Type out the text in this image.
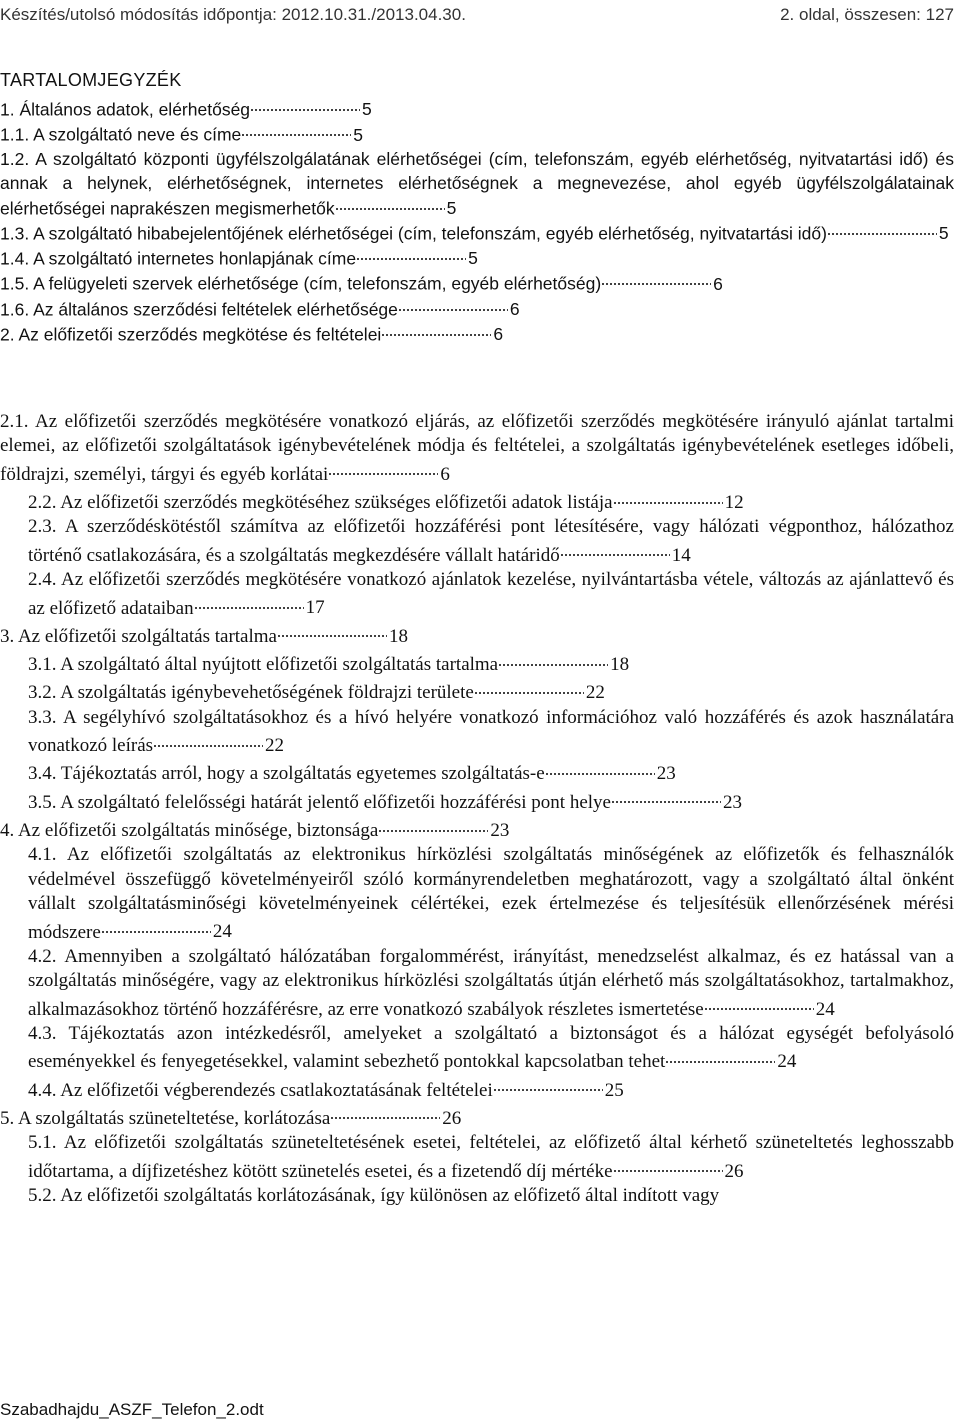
Készítés/utolsó módosítás időpontja: 2012.10.31./2013.04.30.	2. oldal, összesen: 127
TARTALOMJEGYZÉK
1. Általános adatok, elérhetőség	5
1.1. A szolgáltató neve és címe	5
1.2. A szolgáltató központi ügyfélszolgálatának elérhetőségei (cím, telefonszám, egyéb elérhetőség, nyitvatartási idő) és annak a helynek, elérhetőségnek, internetes elérhetőségnek a megnevezése, ahol egyéb ügyfélszolgálatainak elérhetőségei naprakészen megismerhetők	5
1.3. A szolgáltató hibabejelentőjének elérhetőségei (cím, telefonszám, egyéb elérhetőség, nyitvatartási idő)	5
1.4. A szolgáltató internetes honlapjának címe	5
1.5. A felügyeleti szervek elérhetősége (cím, telefonszám, egyéb elérhetőség)	6
1.6. Az általános szerződési feltételek elérhetősége	6
2. Az előfizetői szerződés megkötése és feltételei	6
2.1. Az előfizetői szerződés megkötésére vonatkozó eljárás, az előfizetői szerződés megkötésére irányuló ajánlat tartalmi elemei, az előfizetői szolgáltatások igénybevételének módja és feltételei, a szolgáltatás igénybevételének esetleges időbeli, földrajzi, személyi, tárgyi és egyéb korlátai	6
2.2. Az előfizetői szerződés megkötéséhez szükséges előfizetői adatok listája	12
2.3. A szerződéskötéstől számítva az előfizetői hozzáférési pont létesítésére, vagy hálózati végponthoz, hálózathoz történő csatlakozására, és a szolgáltatás megkezdésére vállalt határidő	14
2.4. Az előfizetői szerződés megkötésére vonatkozó ajánlatok kezelése, nyilvántartásba vétele, változás az ajánlattevő és az előfizető adataiban	17
3. Az előfizetői szolgáltatás tartalma	18
3.1. A szolgáltató által nyújtott előfizetői szolgáltatás tartalma	18
3.2. A szolgáltatás igénybevehetőségének földrajzi területe	22
3.3. A segélyhívó szolgáltatásokhoz és a hívó helyére vonatkozó információhoz való hozzáférés és azok használatára vonatkozó leírás	22
3.4. Tájékoztatás arról, hogy a szolgáltatás egyetemes szolgáltatás-e	23
3.5. A szolgáltató felelősségi határát jelentő előfizetői hozzáférési pont helye	23
4. Az előfizetői szolgáltatás minősége, biztonsága	23
4.1. Az előfizetői szolgáltatás az elektronikus hírközlési szolgáltatás minőségének az előfizetők és felhasználók védelmével összefüggő követelményeiről szóló kormányrendeletben meghatározott, vagy a szolgáltató által önként vállalt szolgáltatásminőségi követelményeinek célértékei, ezek értelmezése és teljesítésük ellenőrzésének mérési módszere	24
4.2. Amennyiben a szolgáltató hálózatában forgalommérést, irányítást, menedzselést alkalmaz, és ez hatással van a szolgáltatás minőségére, vagy az elektronikus hírközlési szolgáltatás útján elérhető más szolgáltatásokhoz, tartalmakhoz, alkalmazásokhoz történő hozzáférésre, az erre vonatkozó szabályok részletes ismertetése	24
4.3. Tájékoztatás azon intézkedésről, amelyeket a szolgáltató a biztonságot és a hálózat egységét befolyásoló eseményekkel és fenyegetésekkel, valamint sebezhető pontokkal kapcsolatban tehet	24
4.4. Az előfizetői végberendezés csatlakoztatásának feltételei	25
5. A szolgáltatás szüneteltetése, korlátozása	26
5.1. Az előfizetői szolgáltatás szüneteltetésének esetei, feltételei, az előfizető által kérhető szüneteltetés leghosszabb időtartama, a díjfizetéshez kötött szünetelés esetei, és a fizetendő díj mértéke	26
5.2. Az előfizetői szolgáltatás korlátozásának, így különösen az előfizető által indított vagy
Szabadhajdu_ASZF_Telefon_2.odt
